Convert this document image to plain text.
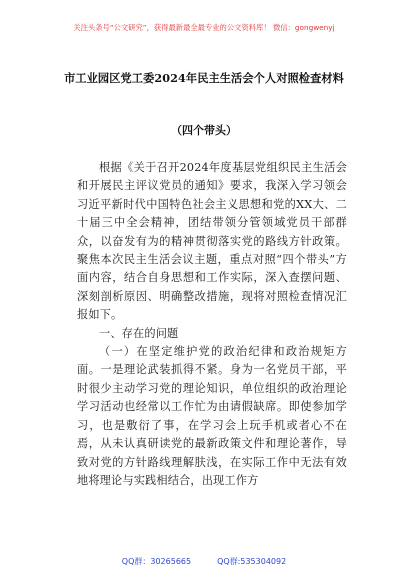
关注头条号“公文研究”，获得最新最全最专业的公文资料库！ 微信：gongwenyj
市工业园区党工委2024年民主生活会个人对照检查材料
（四个带头）

根据《关于召开2024年度基层党组织民主生活会和开展民主评议党员的通知》要求，我深入学习领会习近平新时代中国特色社会主义思想和党的XX大、二十届三中全会精神，团结带领分管领域党员干部群众，以奋发有为的精神贯彻落实党的路线方针政策。聚焦本次民主生活会议主题，重点对照“四个带头”方面内容，结合自身思想和工作实际，深入查摆问题、深刻剖析原因、明确整改措施，现将对照检查情况汇报如下。

一、存在的问题

（一）在坚定维护党的政治纪律和政治规矩方面。一是理论武装抓得不紧。身为一名党员干部，平时很少主动学习党的理论知识，单位组织的政治理论学习活动也经常以工作忙为由请假缺席。即使参加学习，也是敷衍了事，在学习会上玩手机或者心不在焉，从未认真研读党的最新政策文件和理论著作，导致对党的方针路线理解肤浅，在实际工作中无法有效地将理论与实践相结合，出现工作方

QQ群：30265665	QQ群:535304092
